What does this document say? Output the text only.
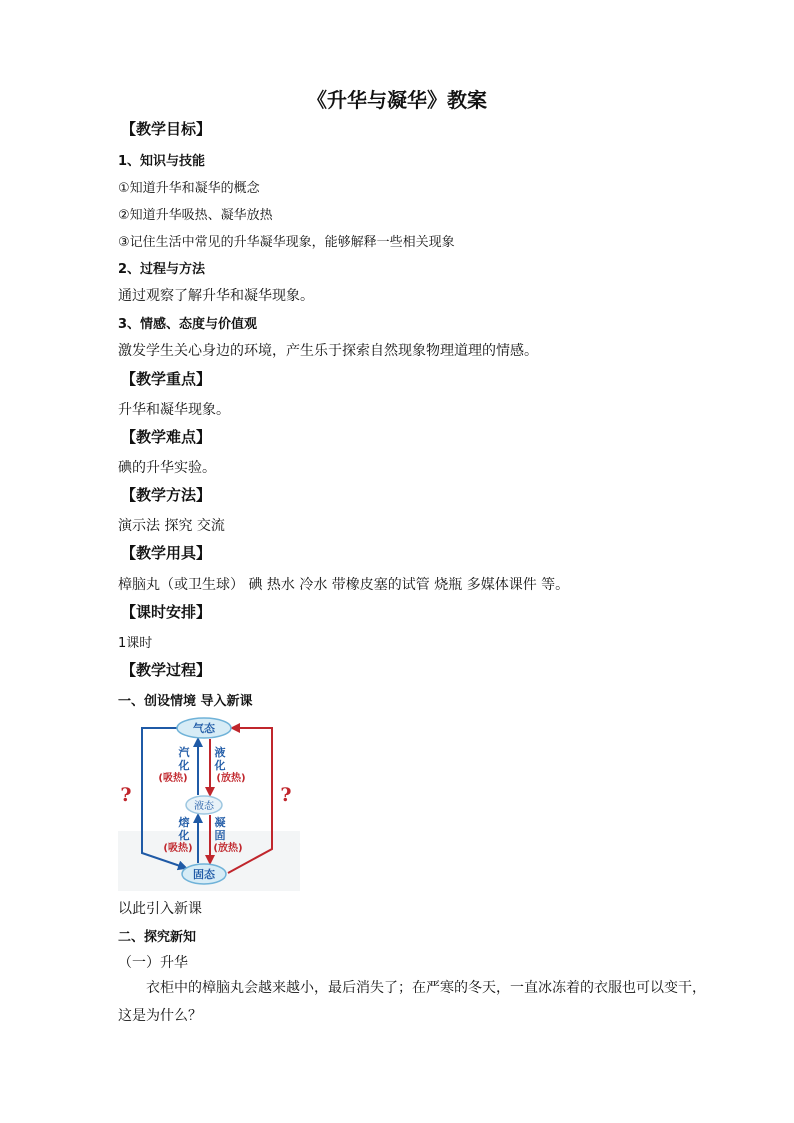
《升华与凝华》教案
【教学目标】
1、知识与技能
①知道升华和凝华的概念
②知道升华吸热、凝华放热
③记住生活中常见的升华凝华现象，能够解释一些相关现象
2、过程与方法
通过观察了解升华和凝华现象。
3、情感、态度与价值观
激发学生关心身边的环境，产生乐于探索自然现象物理道理的情感。
【教学重点】
升华和凝华现象。
【教学难点】
碘的升华实验。
【教学方法】
演示法 探究 交流
【教学用具】
樟脑丸（或卫生球） 碘 热水 冷水 带橡皮塞的试管 烧瓶 多媒体课件 等。
【课时安排】
1课时
【教学过程】
一、创设情境 导入新课
气态
液态
固态
汽
化
(吸热)
液
化
(放热)
熔
化
(吸热)
凝
固
(放热)
?	?
以此引入新课
二、探究新知
（一）升华
衣柜中的樟脑丸会越来越小，最后消失了；在严寒的冬天，一直冰冻着的衣服也可以变干，这是为什么？
